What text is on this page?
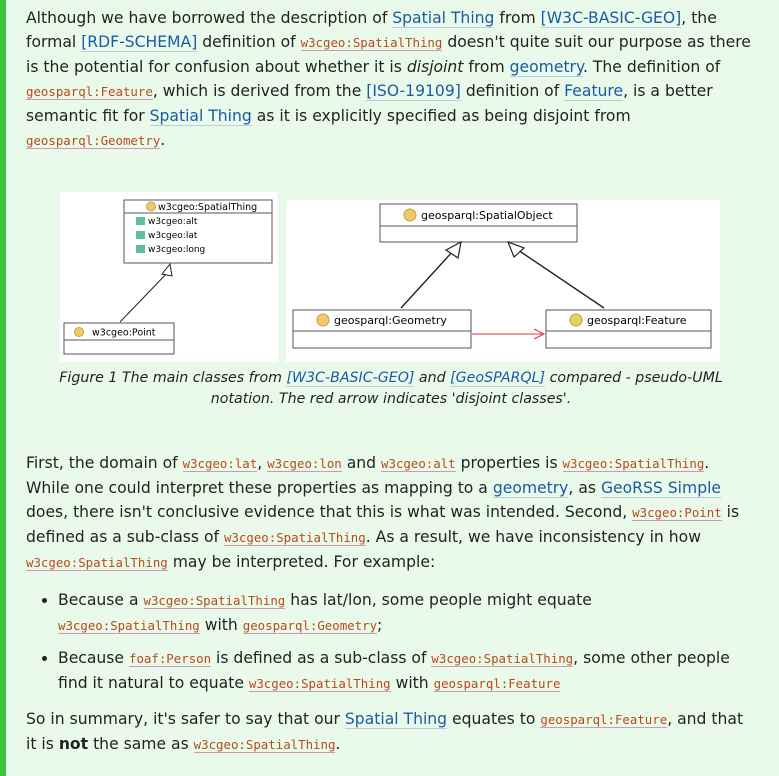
Although we have borrowed the description of Spatial Thing from [W3C-BASIC-GEO], the formal [RDF-SCHEMA] definition of w3cgeo:SpatialThing doesn't quite suit our purpose as there is the potential for confusion about whether it is disjoint from geometry. The definition of geosparql:Feature, which is derived from the [ISO-19109] definition of Feature, is a better semantic fit for Spatial Thing as it is explicitly specified as being disjoint from
geosparql:Geometry.

w3cgeo:SpatialThing
w3cgeo:alt
w3cgeo:lat
w3cgeo:long
w3cgeo:Point
geosparql:SpatialObject
geosparql:Geometry	geosparql:Feature
Figure 1 The main classes from [W3C-BASIC-GEO] and [GeoSPARQL] compared - pseudo-UML notation. The red arrow indicates 'disjoint classes'.
First, the domain of w3cgeo:lat, w3cgeo:lon and w3cgeo:alt properties is w3cgeo:SpatialThing. While one could interpret these properties as mapping to a geometry, as GeoRSS Simple does, there isn't conclusive evidence that this is what was intended. Second, w3cgeo:Point is defined as a sub-class of w3cgeo:SpatialThing. As a result, we have inconsistency in how
w3cgeo:SpatialThing may be interpreted. For example:
• Because a w3cgeo:SpatialThing has lat/lon, some people might equate
w3cgeo:SpatialThing with geosparql:Geometry;
• Because foaf:Person is defined as a sub-class of w3cgeo:SpatialThing, some other people find it natural to equate w3cgeo:SpatialThing with geosparql:Feature
So in summary, it's safer to say that our Spatial Thing equates to geosparql:Feature, and that it is not the same as w3cgeo:SpatialThing.
